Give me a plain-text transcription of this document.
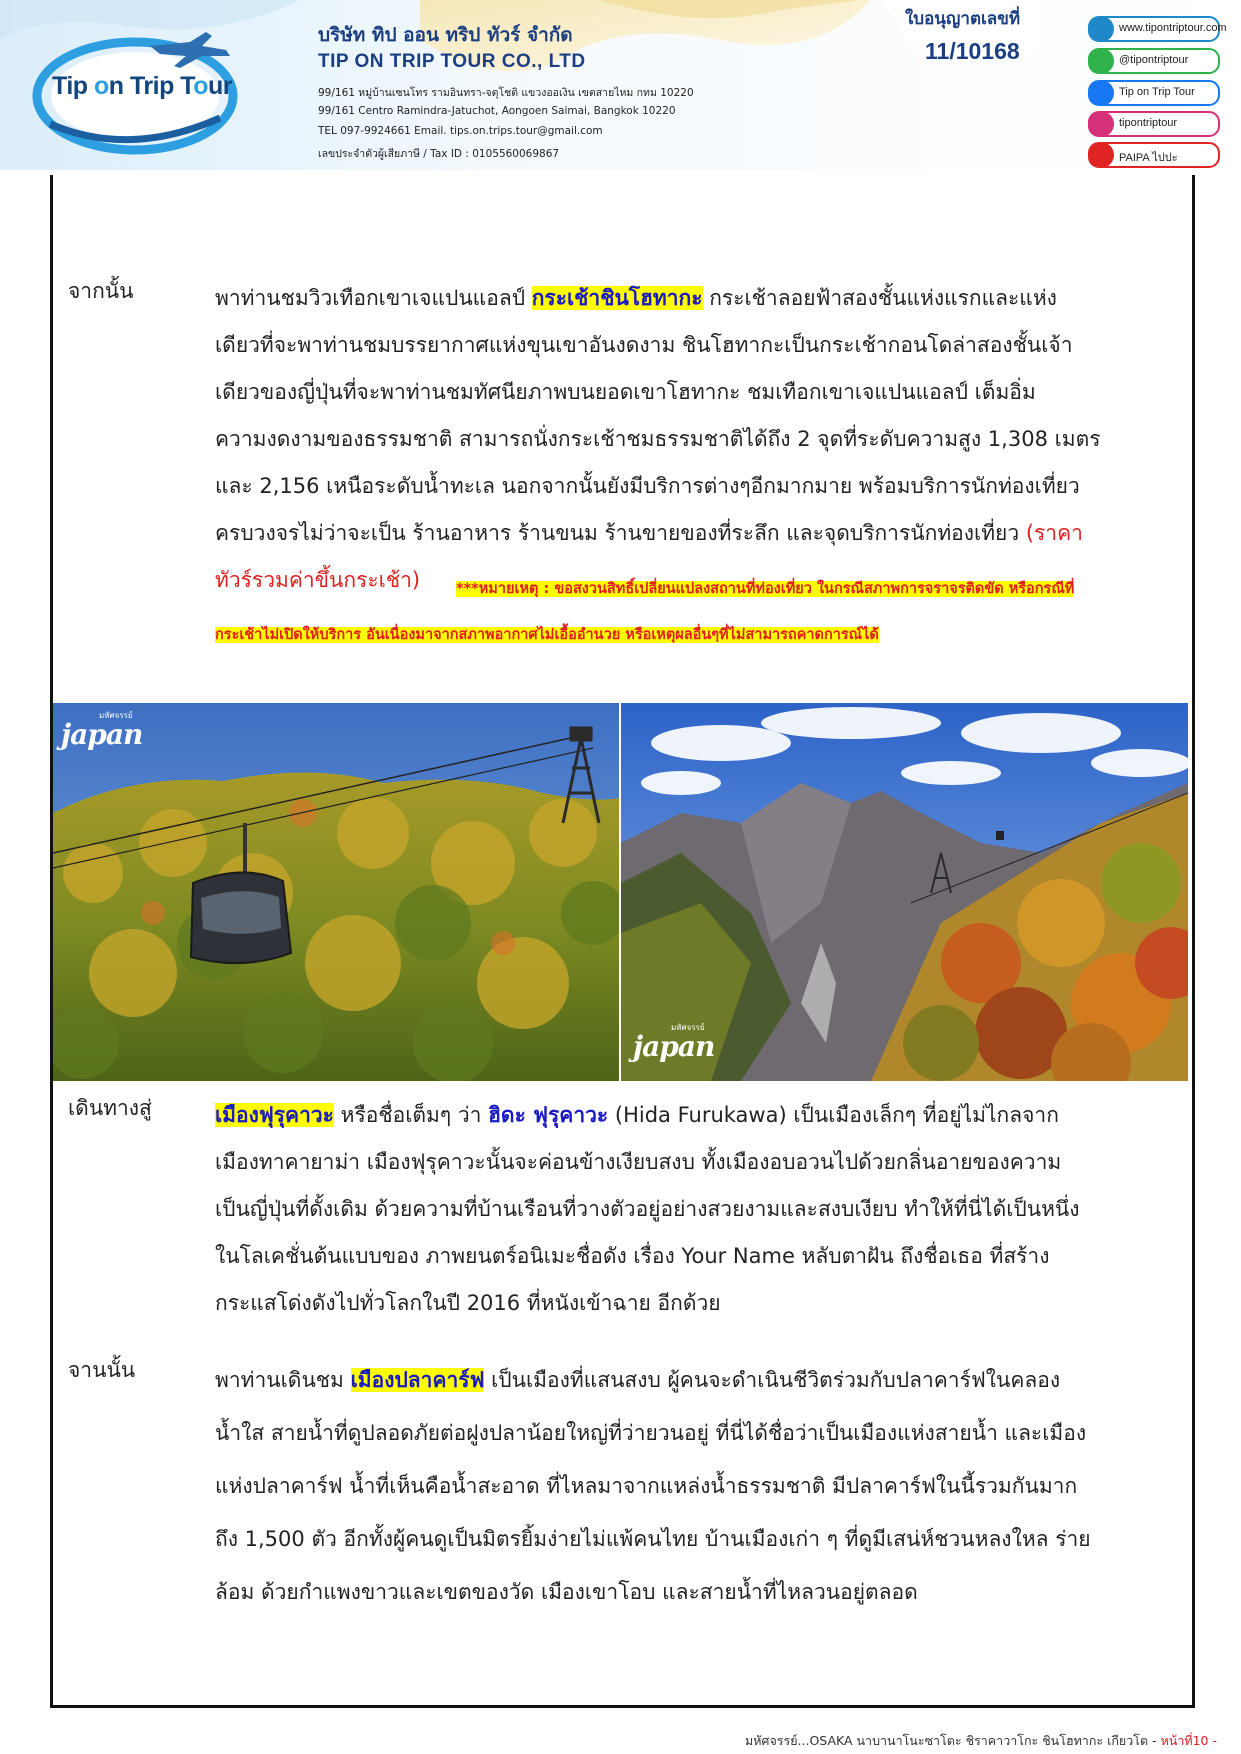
Tip on Trip Tour
บริษัท ทิป ออน ทริป ทัวร์ จำกัด
TIP ON TRIP TOUR CO., LTD
99/161 หมู่บ้านเซนโทร รามอินทรา-จตุโชติ แขวงออเงิน เขตสายไหม กทม 10220
99/161 Centro Ramindra-Jatuchot, Aongoen Saimai, Bangkok 10220
TEL 097-9924661 Email. tips.on.trips.tour@gmail.com
เลขประจำตัวผู้เสียภาษี / Tax ID : 0105560069867
ใบอนุญาตเลขที่
11/10168
www.tipontriptour.com
@tipontriptour
Tip on Trip Tour
tipontriptour
PAIPA ไปปะ
จากนั้น	พาท่านชมวิวเทือกเขาเจแปนแอลป์ กระเช้าชินโฮทากะ กระเช้าลอยฟ้าสองชั้นแห่งแรกและแห่ง
เดียวที่จะพาท่านชมบรรยากาศแห่งขุนเขาอันงดงาม ชินโฮทากะเป็นกระเช้ากอนโดล่าสองชั้นเจ้า
เดียวของญี่ปุ่นที่จะพาท่านชมทัศนียภาพบนยอดเขาโฮทากะ ชมเทือกเขาเจแปนแอลป์ เต็มอิ่ม
ความงดงามของธรรมชาติ สามารถนั่งกระเช้าชมธรรมชาติได้ถึง 2 จุดที่ระดับความสูง 1,308 เมตร
และ 2,156 เหนือระดับน้ำทะเล นอกจากนั้นยังมีบริการต่างๆอีกมากมาย พร้อมบริการนักท่องเที่ยว
ครบวงจรไม่ว่าจะเป็น ร้านอาหาร ร้านขนม ร้านขายของที่ระลึก และจุดบริการนักท่องเที่ยว (ราคา
ทัวร์รวมค่าขึ้นกระเช้า)	***หมายเหตุ : ขอสงวนสิทธิ์เปลี่ยนแปลงสถานที่ท่องเที่ยว ในกรณีสภาพการจราจรติดขัด หรือกรณีที่
กระเช้าไม่เปิดให้บริการ อันเนื่องมาจากสภาพอากาศไม่เอื้ออำนวย หรือเหตุผลอื่นๆที่ไม่สามารถคาดการณ์ได้
มหัศจรรย์
japan
มหัศจรรย์
japan
เดินทางสู่	เมืองฟุรุคาวะ หรือชื่อเต็มๆ ว่า ฮิดะ ฟุรุคาวะ (Hida Furukawa) เป็นเมืองเล็กๆ ที่อยู่ไม่ไกลจาก
เมืองทาคายาม่า เมืองฟุรุคาวะนั้นจะค่อนข้างเงียบสงบ ทั้งเมืองอบอวนไปด้วยกลิ่นอายของความ
เป็นญี่ปุ่นที่ดั้งเดิม ด้วยความที่บ้านเรือนที่วางตัวอยู่อย่างสวยงามและสงบเงียบ ทำให้ที่นี่ได้เป็นหนึ่ง
ในโลเคชั่นต้นแบบของ ภาพยนตร์อนิเมะชื่อดัง เรื่อง Your Name หลับตาฝัน ถึงชื่อเธอ ที่สร้าง
กระแสโด่งดังไปทั่วโลกในปี 2016 ที่หนังเข้าฉาย อีกด้วย
จานนั้น	พาท่านเดินชม เมืองปลาคาร์ฟ เป็นเมืองที่แสนสงบ ผู้คนจะดำเนินชีวิตร่วมกับปลาคาร์ฟในคลอง
น้ำใส สายน้ำที่ดูปลอดภัยต่อฝูงปลาน้อยใหญ่ที่ว่ายวนอยู่ ที่นี่ได้ชื่อว่าเป็นเมืองแห่งสายน้ำ และเมือง
แห่งปลาคาร์ฟ น้ำที่เห็นคือน้ำสะอาด ที่ไหลมาจากแหล่งน้ำธรรมชาติ มีปลาคาร์ฟในนี้รวมกันมาก
ถึง 1,500 ตัว อีกทั้งผู้คนดูเป็นมิตรยิ้มง่ายไม่แพ้คนไทย บ้านเมืองเก่า ๆ ที่ดูมีเสน่ห์ชวนหลงใหล ร่าย
ล้อม ด้วยกำแพงขาวและเขตของวัด เมืองเขาโอบ และสายน้ำที่ไหลวนอยู่ตลอด
มหัศจรรย์...OSAKA นาบานาโนะซาโตะ ชิราคาวาโกะ ชินโฮทากะ เกียวโต - หน้าที่10 -
